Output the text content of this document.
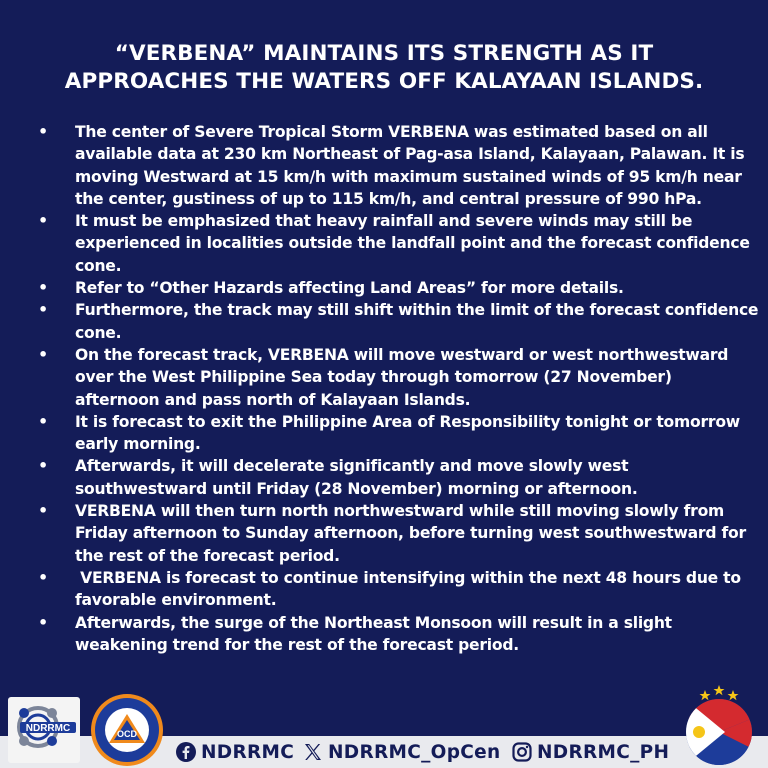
“VERBENA” MAINTAINS ITS STRENGTH AS IT
APPROACHES THE WATERS OFF KALAYAAN ISLANDS.
• The center of Severe Tropical Storm VERBENA was estimated based on all
available data at 230 km Northeast of Pag-asa Island, Kalayaan, Palawan. It is
moving Westward at 15 km/h with maximum sustained winds of 95 km/h near
the center, gustiness of up to 115 km/h, and central pressure of 990 hPa.
• It must be emphasized that heavy rainfall and severe winds may still be
experienced in localities outside the landfall point and the forecast confidence
cone.
• Refer to “Other Hazards affecting Land Areas” for more details.
• Furthermore, the track may still shift within the limit of the forecast confidence
cone.
• On the forecast track, VERBENA will move westward or west northwestward
over the West Philippine Sea today through tomorrow (27 November)
afternoon and pass north of Kalayaan Islands.
• It is forecast to exit the Philippine Area of Responsibility tonight or tomorrow
early morning.
• Afterwards, it will decelerate significantly and move slowly west
southwestward until Friday (28 November) morning or afternoon.
• VERBENA will then turn north northwestward while still moving slowly from
Friday afternoon to Sunday afternoon, before turning west southwestward for
the rest of the forecast period.
• VERBENA is forecast to continue intensifying within the next 48 hours due to
favorable environment.
• Afterwards, the surge of the Northeast Monsoon will result in a slight
weakening trend for the rest of the forecast period.
NDRRMC	OCD
NDRRMC NDRRMC_OpCen NDRRMC_PH
